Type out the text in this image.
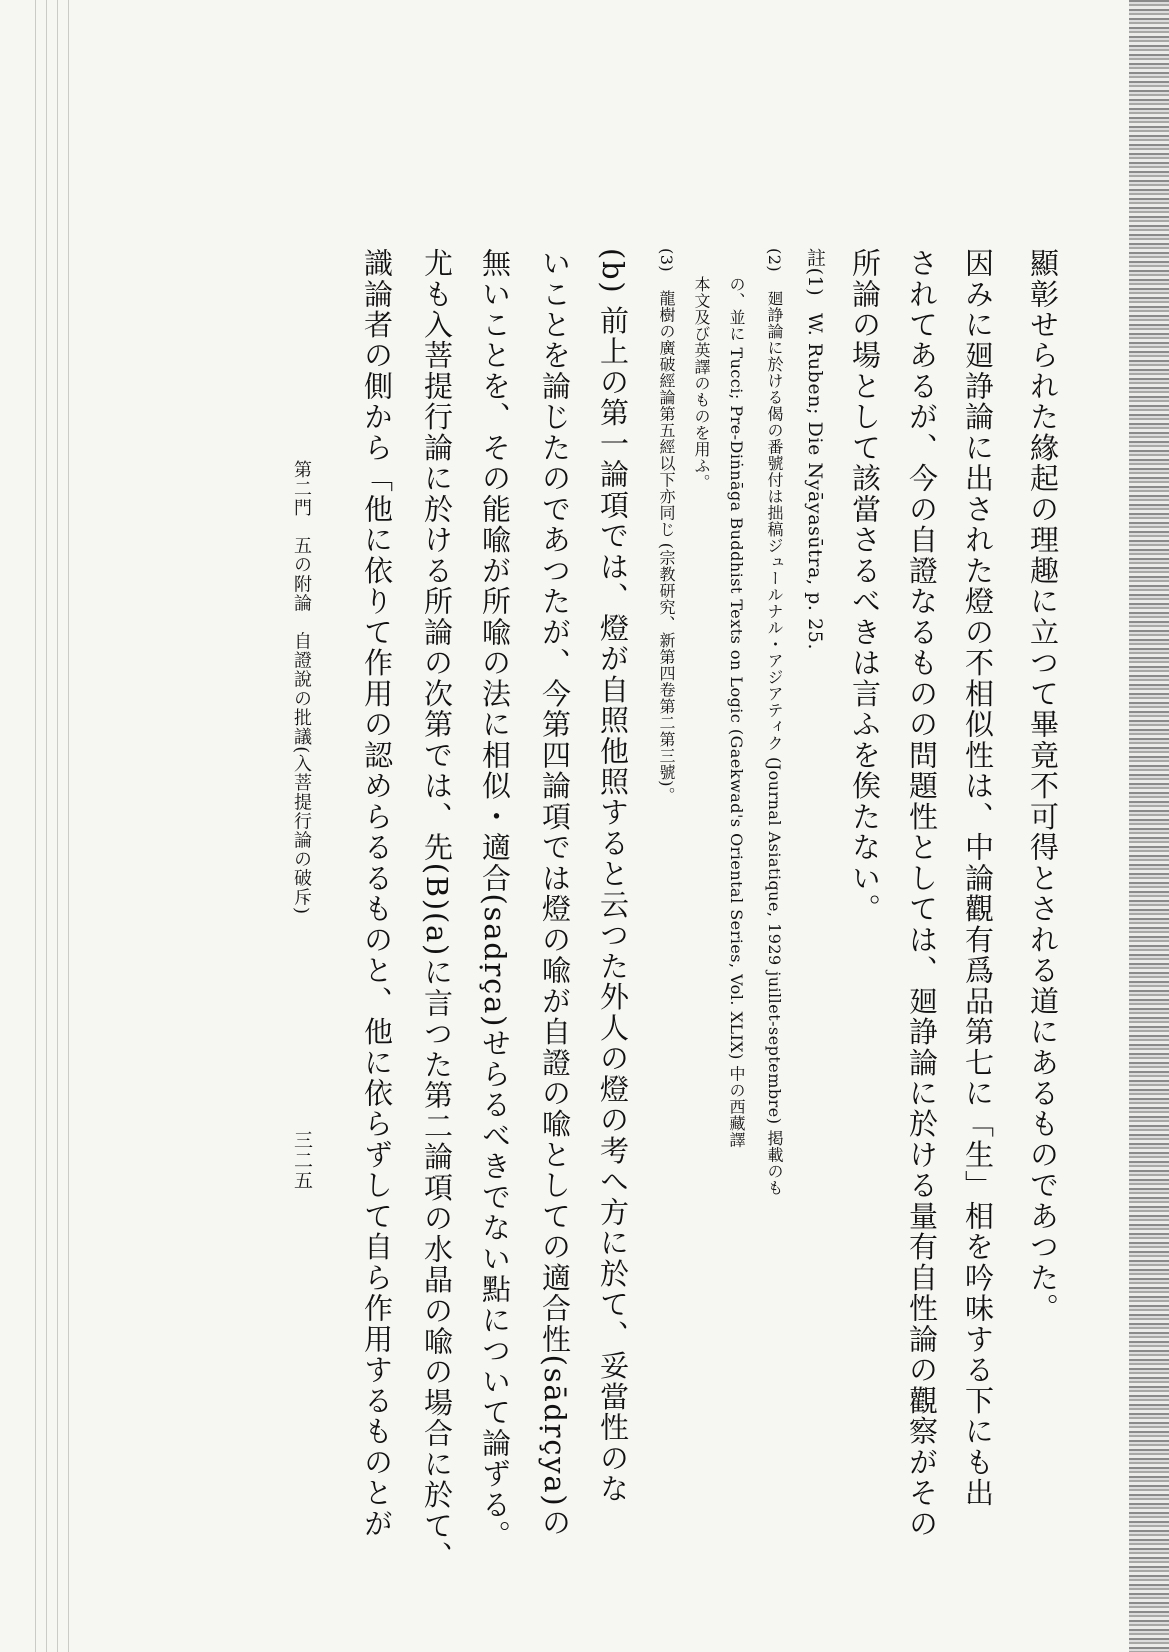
顯彰せられた緣起の理趣に立つて畢竟不可得とされる道にあるものであつた。
因みに廻諍論に出された燈の不相似性は、中論觀有爲品第七に「生」相を吟味する下にも出
されてあるが、今の自證なるものの問題性としては、廻諍論に於ける量有自性論の觀察がその
所論の場として該當さるべきは言ふを俟たない。
註(1) W. Ruben; Die Nyāyasūtra, p. 25.
(2) 廻諍論に於ける偈の番號付は拙稿ジュールナル・アジアティク (Journal Asiatique, 1929 juillet-septembre) 掲載のも
の、並に Tucci; Pre-Diṅnāga Buddhist Texts on Logic (Gaekwad's Oriental Series, Vol. XLIX) 中の西藏譯
本文及び英譯のものを用ふ。
(3) 龍樹の廣破經論第五經以下亦同じ (宗教研究、新第四卷第二第三號)。
(b) 前上の第一論項では、燈が自照他照すると云つた外人の燈の考へ方に於て、妥當性のな
いことを論じたのであつたが、今第四論項では燈の喩が自證の喩としての適合性(sādṛçya)の
無いことを、その能喩が所喩の法に相似・適合(sadṛça)せらるべきでない點について論ずる。
尤も入菩提行論に於ける所論の次第では、先(B)(a)に言つた第二論項の水晶の喩の場合に於て、
識論者の側から「他に依りて作用の認めらるるものと、他に依らずして自ら作用するものとが
第二門　五の附論　自證說の批議(入菩提行論の破斥)
三二五
